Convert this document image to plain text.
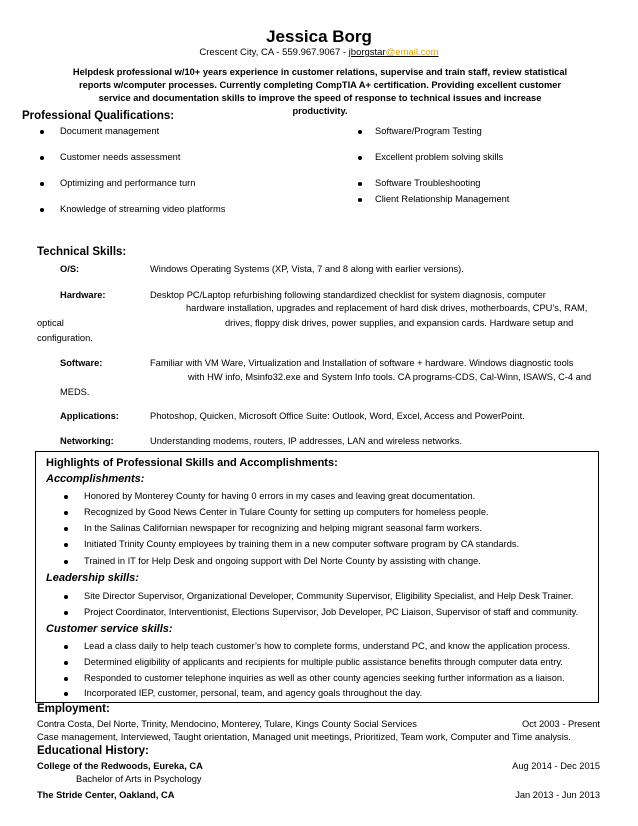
Jessica Borg
Crescent City, CA - 559.967.9067 - jborgstar@email.com
Helpdesk professional w/10+ years experience in customer relations, supervise and train staff, review statistical reports w/computer processes. Currently completing CompTIA A+ certification. Providing excellent customer service and documentation skills to improve the speed of response to technical issues and increase productivity.
Professional Qualifications:
Document management
Customer needs assessment
Optimizing and performance turn
Knowledge of streaming video platforms
Software/Program Testing
Excellent problem solving skills
Software Troubleshooting
Client Relationship Management
Technical Skills:
O/S:	Windows Operating Systems (XP, Vista, 7 and 8 along with earlier versions).
Hardware:	Desktop PC/Laptop refurbishing following standardized checklist for system diagnosis, computer
hardware installation, upgrades and replacement of hard disk drives, motherboards, CPU’s, RAM,
optical	drives, floppy disk drives, power supplies, and expansion cards. Hardware setup and
configuration.
Software:	Familiar with VM Ware, Virtualization and Installation of software + hardware. Windows diagnostic tools
with HW info, Msinfo32.exe and System Info tools. CA programs-CDS, Cal-Winn, ISAWS, C-4 and
MEDS.
Applications:	Photoshop, Quicken, Microsoft Office Suite: Outlook, Word, Excel, Access and PowerPoint.
Networking:	Understanding modems, routers, IP addresses, LAN and wireless networks.
Highlights of Professional Skills and Accomplishments:
Accomplishments:
Honored by Monterey County for having 0 errors in my cases and leaving great documentation.
Recognized by Good News Center in Tulare County for setting up computers for homeless people.
In the Salinas Californian newspaper for recognizing and helping migrant seasonal farm workers.
Initiated Trinity County employees by training them in a new computer software program by CA standards.
Trained in IT for Help Desk and ongoing support with Del Norte County by assisting with change.
Leadership skills:
Site Director Supervisor, Organizational Developer, Community Supervisor, Eligibility Specialist, and Help Desk Trainer.
Project Coordinator, Interventionist, Elections Supervisor, Job Developer, PC Liaison, Supervisor of staff and community.
Customer service skills:
Lead a class daily to help teach customer’s how to complete forms, understand PC, and know the application process.
Determined eligibility of applicants and recipients for multiple public assistance benefits through computer data entry.
Responded to customer telephone inquiries as well as other county agencies seeking further information as a liaison.
Incorporated IEP, customer, personal, team, and agency goals throughout the day.
Employment:
Contra Costa, Del Norte, Trinity, Mendocino, Monterey, Tulare, Kings County Social Services	Oct 2003 - Present
Case management, Interviewed, Taught orientation, Managed unit meetings, Prioritized, Team work, Computer and Time analysis.
Educational History:
College of the Redwoods, Eureka, CA	Aug 2014 - Dec 2015
Bachelor of Arts in Psychology
The Stride Center, Oakland, CA	Jan 2013 - Jun 2013
